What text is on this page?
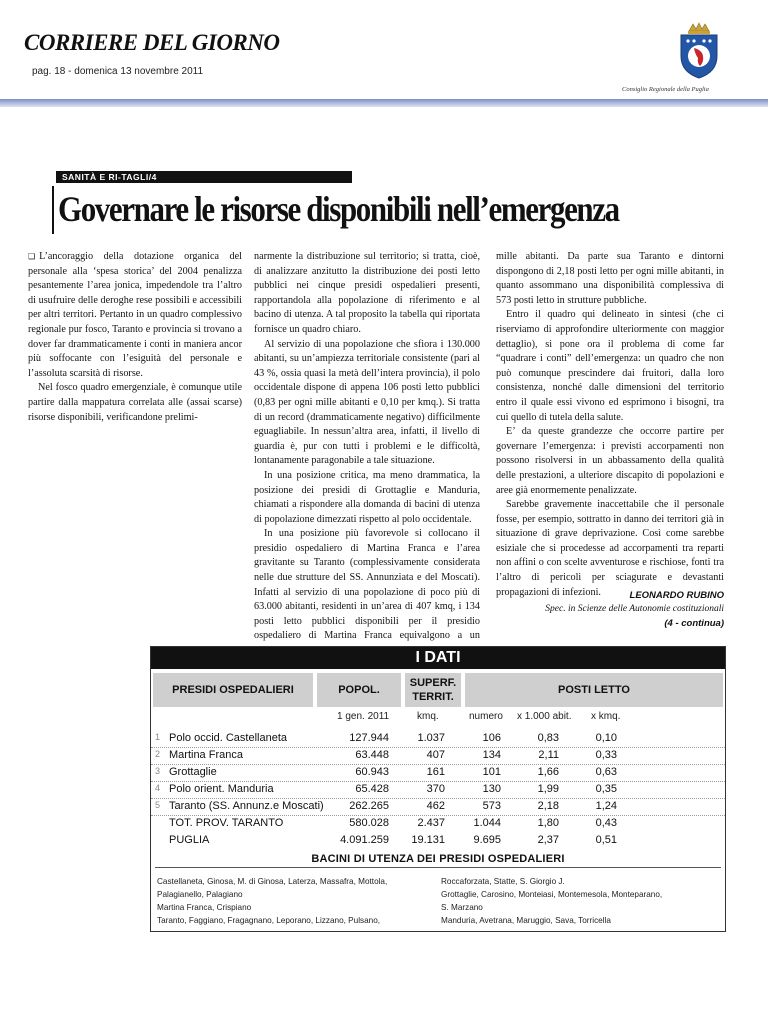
CORRIERE DEL GIORNO
pag. 18 - domenica 13 novembre 2011
Consiglio Regionale della Puglia
SANITÀ E RI-TAGLI/4
Governare le risorse disponibili nell’emergenza

❏ L’ancoraggio della dotazione organica del personale alla ‘spesa storica’ del 2004 penalizza pesantemente l’area jonica, impedendole tra l’altro di usufruire delle deroghe rese possibili e accessibili per altri territori. Pertanto in un quadro complessivo regionale pur fosco, Taranto e provincia si trovano a dover far drammaticamente i conti in maniera ancor più soffocante con l’esiguità del personale e l’assoluta scarsità di risorse.

Nel fosco quadro emergenziale, è comunque utile partire dalla mappatura correlata alle (assai scarse) risorse disponibili, verificandone prelimi-

narmente la distribuzione sul territorio; si tratta, cioè, di analizzare anzitutto la distribuzione dei posti letto pubblici nei cinque presidi ospedalieri presenti, rapportandola alla popolazione di riferimento e al bacino di utenza. A tal proposito la tabella qui riportata fornisce un quadro chiaro.

Al servizio di una popolazione che sfiora i 130.000 abitanti, su un’ampiezza territoriale consistente (pari al 43 %, ossia quasi la metà dell’intera provincia), il polo occidentale dispone di appena 106 posti letto pubblici (0,83 per ogni mille abitanti e 0,10 per kmq.). Si tratta di un record (drammaticamente negativo) difficilmente eguagliabile. In nessun’altra area, infatti, il livello di guardia è, pur con tutti i problemi e le difficoltà, lontanamente paragonabile a tale situazione.

In una posizione critica, ma meno drammatica, la posizione dei presidi di Grottaglie e Manduria, chiamati a rispondere alla domanda di bacini di utenza di popolazione dimezzati rispetto al polo occidentale.

In una posizione più favorevole si collocano il presidio ospedaliero di Martina Franca e l’area gravitante su Taranto (complessivamente considerata nelle due strutture del SS. Annunziata e del Moscati). Infatti al servizio di una popolazione di poco più di 63.000 abitanti, residenti in un’area di 407 kmq, i 134 posti letto pubblici disponibili per il presidio ospedaliero di Martina Franca equivalgono a un

mille abitanti. Da parte sua Taranto e dintorni dispongono di 2,18 posti letto per ogni mille abitanti, in quanto assommano una disponibilità complessiva di 573 posti letto in strutture pubbliche.

Entro il quadro qui delineato in sintesi (che ci riserviamo di approfondire ulteriormente con maggior dettaglio), si pone ora il problema di come far “quadrare i conti” dell’emergenza: un quadro che non può comunque prescindere dai fruitori, dalla loro consistenza, nonché dalle dimensioni del territorio entro il quale essi vivono ed esprimono i bisogni, tra cui quello di tutela della salute.

E’ da queste grandezze che occorre partire per governare l’emergenza: i previsti accorpamenti non possono risolversi in un abbassamento della qualità delle prestazioni, a ulteriore discapito di popolazioni e aree già enormemente penalizzate.

Sarebbe gravemente inaccettabile che il personale fosse, per esempio, sottratto in danno dei territori già in situazione di grave deprivazione. Così come sarebbe esiziale che si procedesse ad accorpamenti tra reparti non affini o con scelte avventurose e rischiose, fonti tra l’altro di pericoli per sciagurate e devastanti propagazioni di infezioni.	LEONARDO RUBINO
Spec. in Scienze delle Autonomie costituzionali
(4 - continua)
I DATI
PRESIDI OSPEDALIERI	POPOL.
SUPERF. TERRIT.
POSTI LETTO
1 gen. 2011	kmq.	numero x 1.000 abit. x kmq.
1 Polo occid. Castellaneta	127.944	1.037	106	0,83	0,10
2 Martina Franca	63.448	407	134	2,11	0,33
3 Grottaglie	60.943	161	101	1,66	0,63
4 Polo orient. Manduria	65.428	370	130	1,99	0,35
5 Taranto (SS. Annunz.e Moscati)	262.265	462	573	2,18	1,24
TOT. PROV. TARANTO	580.028	2.437	1.044	1,80	0,43
PUGLIA	4.091.259	19.131	9.695	2,37	0,51
BACINI DI UTENZA DEI PRESIDI OSPEDALIERI
Castellaneta, Ginosa, M. di Ginosa, Laterza, Massafra, Mottola,
Palagianello, Palagiano
Martina Franca, Crispiano
Taranto, Faggiano, Fragagnano, Leporano, Lizzano, Pulsano,
Roccaforzata, Statte, S. Giorgio J.
Grottaglie, Carosino, Monteiasi, Montemesola, Monteparano,
S. Marzano
Manduria, Avetrana, Maruggio, Sava, Torricella
